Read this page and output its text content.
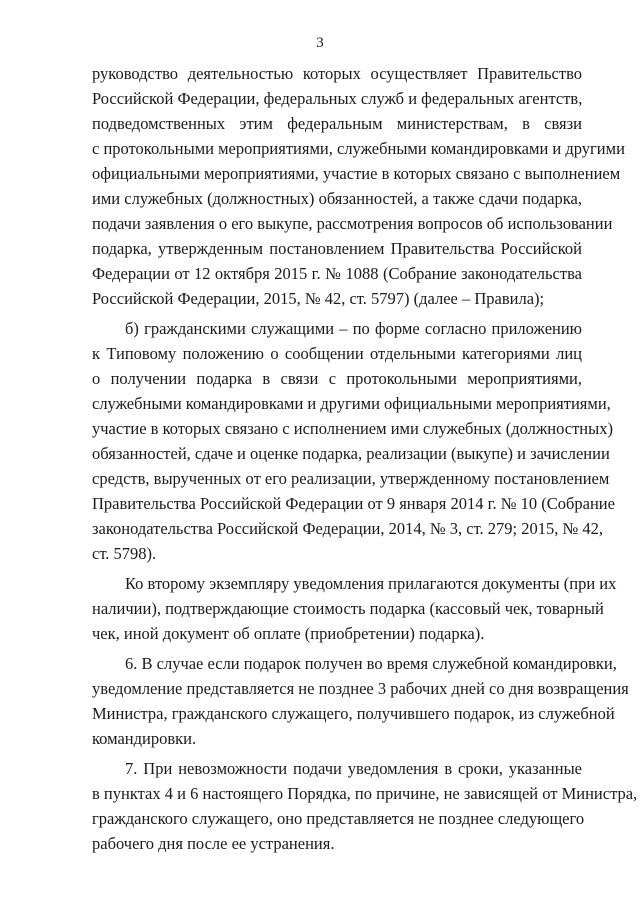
3
руководство деятельностью которых осуществляет Правительство
Российской Федерации, федеральных служб и федеральных агентств,
подведомственных этим федеральным министерствам, в связи
с протокольными мероприятиями, служебными командировками и другими
официальными мероприятиями, участие в которых связано с выполнением
ими служебных (должностных) обязанностей, а также сдачи подарка,
подачи заявления о его выкупе, рассмотрения вопросов об использовании
подарка, утвержденным постановлением Правительства Российской
Федерации от 12 октября 2015 г. № 1088 (Собрание законодательства
Российской Федерации, 2015, № 42, ст. 5797) (далее – Правила);
б) гражданскими служащими – по форме согласно приложению
к Типовому положению о сообщении отдельными категориями лиц
о получении подарка в связи с протокольными мероприятиями,
служебными командировками и другими официальными мероприятиями,
участие в которых связано с исполнением ими служебных (должностных)
обязанностей, сдаче и оценке подарка, реализации (выкупе) и зачислении
средств, вырученных от его реализации, утвержденному постановлением
Правительства Российской Федерации от 9 января 2014 г. № 10 (Собрание
законодательства Российской Федерации, 2014, № 3, ст. 279; 2015, № 42,
ст. 5798).
Ко второму экземпляру уведомления прилагаются документы (при их
наличии), подтверждающие стоимость подарка (кассовый чек, товарный
чек, иной документ об оплате (приобретении) подарка).
6. В случае если подарок получен во время служебной командировки,
уведомление представляется не позднее 3 рабочих дней со дня возвращения
Министра, гражданского служащего, получившего подарок, из служебной
командировки.
7. При невозможности подачи уведомления в сроки, указанные
в пунктах 4 и 6 настоящего Порядка, по причине, не зависящей от Министра,
гражданского служащего, оно представляется не позднее следующего
рабочего дня после ее устранения.
